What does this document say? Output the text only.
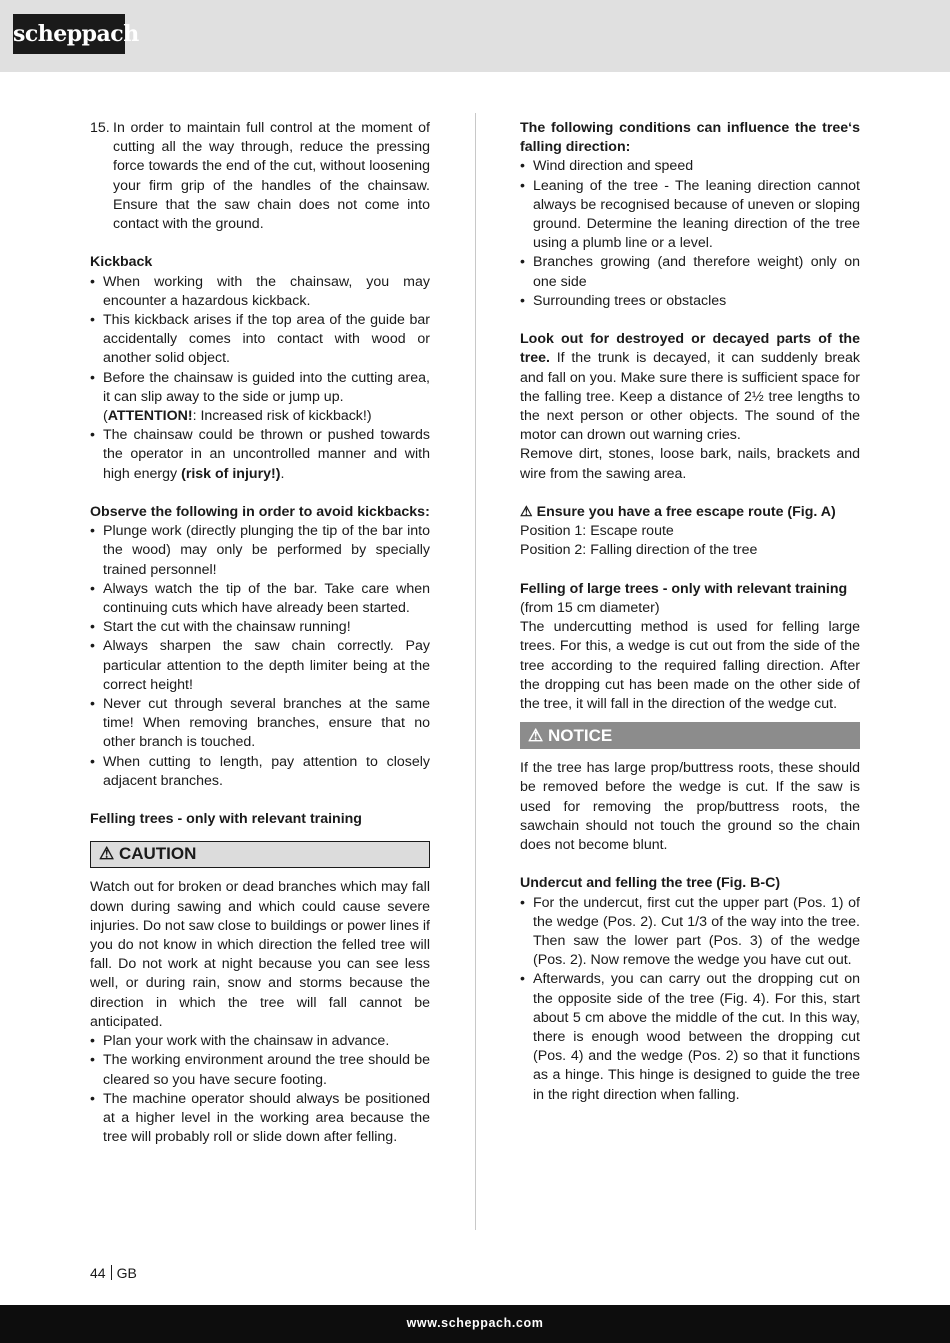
scheppach
15. In order to maintain full control at the moment of cutting all the way through, reduce the pressing force towards the end of the cut, without loosening your firm grip of the handles of the chainsaw. Ensure that the saw chain does not come into contact with the ground.

Kickback

• When working with the chainsaw, you may encounter a hazardous kickback.
• This kickback arises if the top area of the guide bar accidentally comes into contact with wood or another solid object.
• Before the chainsaw is guided into the cutting area, it can slip away to the side or jump up.
(ATTENTION!: Increased risk of kickback!)
• The chainsaw could be thrown or pushed towards the operator in an uncontrolled manner and with high energy (risk of injury!).

Observe the following in order to avoid kickbacks:

• Plunge work (directly plunging the tip of the bar into the wood) may only be performed by specially trained personnel!
• Always watch the tip of the bar. Take care when continuing cuts which have already been started.
• Start the cut with the chainsaw running!
• Always sharpen the saw chain correctly. Pay particular attention to the depth limiter being at the correct height!
• Never cut through several branches at the same time! When removing branches, ensure that no other branch is touched.
• When cutting to length, pay attention to closely adjacent branches.

Felling trees - only with relevant training

⚠ CAUTION

Watch out for broken or dead branches which may fall down during sawing and which could cause severe injuries. Do not saw close to buildings or power lines if you do not know in which direction the felled tree will fall. Do not work at night because you can see less well, or during rain, snow and storms because the direction in which the tree will fall cannot be anticipated.

• Plan your work with the chainsaw in advance.
• The working environment around the tree should be cleared so you have secure footing.
• The machine operator should always be positioned at a higher level in the working area because the tree will probably roll or slide down after felling.

The following conditions can influence the tree‘s falling direction:

• Wind direction and speed
• Leaning of the tree - The leaning direction cannot always be recognised because of uneven or sloping ground. Determine the leaning direction of the tree using a plumb line or a level.
• Branches growing (and therefore weight) only on one side
• Surrounding trees or obstacles

Look out for destroyed or decayed parts of the tree. If the trunk is decayed, it can suddenly break and fall on you. Make sure there is sufficient space for the falling tree. Keep a distance of 2½ tree lengths to the next person or other objects. The sound of the motor can drown out warning cries.

Remove dirt, stones, loose bark, nails, brackets and wire from the sawing area.

⚠ Ensure you have a free escape route (Fig. A)

Position 1: Escape route

Position 2: Falling direction of the tree

Felling of large trees - only with relevant training

(from 15 cm diameter)

The undercutting method is used for felling large trees. For this, a wedge is cut out from the side of the tree according to the required falling direction. After the dropping cut has been made on the other side of the tree, it will fall in the direction of the wedge cut.

⚠ NOTICE

If the tree has large prop/buttress roots, these should be removed before the wedge is cut. If the saw is used for removing the prop/buttress roots, the sawchain should not touch the ground so the chain does not become blunt.

Undercut and felling the tree (Fig. B-C)

• For the undercut, first cut the upper part (Pos. 1) of the wedge (Pos. 2). Cut 1/3 of the way into the tree. Then saw the lower part (Pos. 3) of the wedge (Pos. 2). Now remove the wedge you have cut out.
• Afterwards, you can carry out the dropping cut on the opposite side of the tree (Fig. 4). For this, start about 5 cm above the middle of the cut. In this way, there is enough wood between the dropping cut (Pos. 4) and the wedge (Pos. 2) so that it functions as a hinge. This hinge is designed to guide the tree in the right direction when falling.
44 GB
www.scheppach.com
